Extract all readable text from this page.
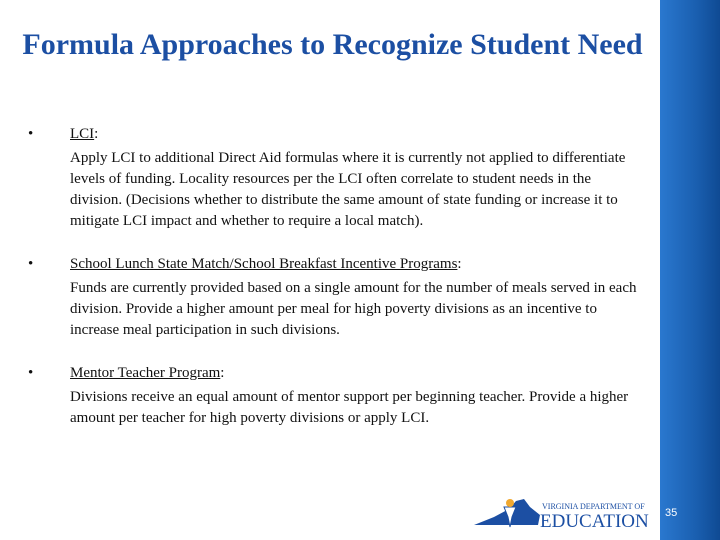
35
Formula Approaches to Recognize Student Need
• LCI:
Apply LCI to additional Direct Aid formulas where it is currently not applied to differentiate levels of funding. Locality resources per the LCI often correlate to student needs in the division. (Decisions whether to distribute the same amount of state funding or increase it to mitigate LCI impact and whether to require a local match).
• School Lunch State Match/School Breakfast Incentive Programs:
Funds are currently provided based on a single amount for the number of meals served in each division. Provide a higher amount per meal for high poverty divisions as an incentive to increase meal participation in such divisions.
• Mentor Teacher Program:
Divisions receive an equal amount of mentor support per beginning teacher. Provide a higher amount per teacher for high poverty divisions or apply LCI.
VIRGINIA DEPARTMENT OF
EDUCATION
